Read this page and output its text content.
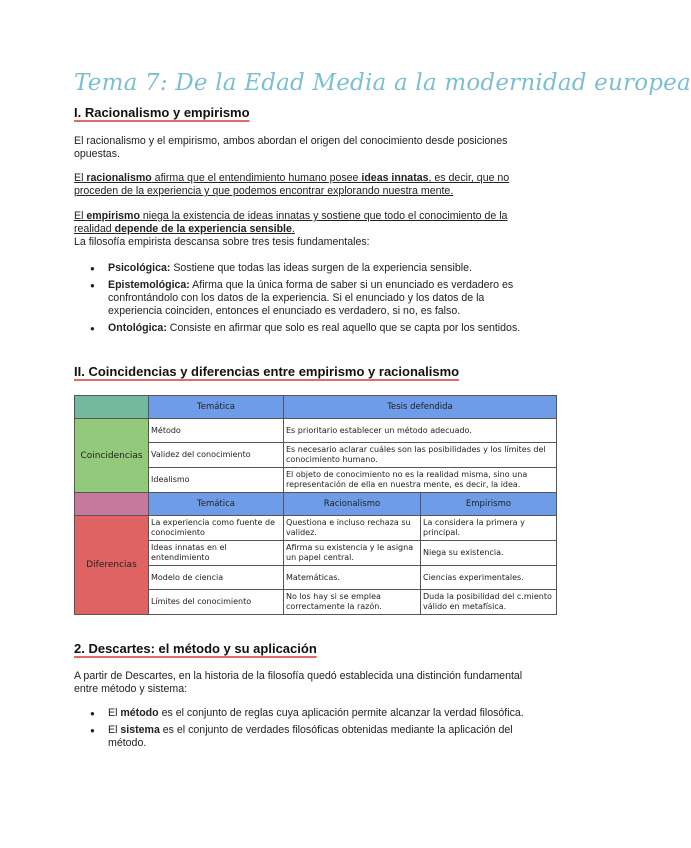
Tema 7: De la Edad Media a la modernidad europea
I. Racionalismo y empirismo
El racionalismo y el empirismo, ambos abordan el origen del conocimiento desde posiciones opuestas.
El racionalismo afirma que el entendimiento humano posee ideas innatas, es decir, que no proceden de la experiencia y que podemos encontrar explorando nuestra mente.
El empirismo niega la existencia de ideas innatas y sostiene que todo el conocimiento de la realidad depende de la experiencia sensible.
La filosofía empirista descansa sobre tres tesis fundamentales:
● Psicológica: Sostiene que todas las ideas surgen de la experiencia sensible.
● Epistemológica: Afirma que la única forma de saber si un enunciado es verdadero es confrontándolo con los datos de la experiencia. Si el enunciado y los datos de la experiencia coinciden, entonces el enunciado es verdadero, si no, es falso.
● Ontológica: Consiste en afirmar que solo es real aquello que se capta por los sentidos.
II. Coincidencias y diferencias entre empirismo y racionalismo
	Temática	Tesis defendida	
Coincidencias	Método	Es prioritario establecer un método adecuado.	
	Validez del conocimiento	Es necesario aclarar cuáles son las posibilidades y los límites del conocimiento humano.	
	Idealismo	El objeto de conocimiento no es la realidad misma, sino una representación de ella en nuestra mente, es decir, la idea.	
	Temática	Racionalismo	Empirismo
Diferencias	La experiencia como fuente de conocimiento	Questiona e incluso rechaza su validez.	La considera la primera y principal.
	Ideas innatas en el entendimiento	Afirma su existencia y le asigna un papel central.	Niega su existencia.
	Modelo de ciencia	Matemáticas.	Ciencias experimentales.
	Límites del conocimiento	No los hay si se emplea correctamente la razón.	Duda la posibilidad del c.miento válido en metafísica.
2. Descartes: el método y su aplicación
A partir de Descartes, en la historia de la filosofía quedó establecida una distinción fundamental entre método y sistema:
● El método es el conjunto de reglas cuya aplicación permite alcanzar la verdad filosófica.
● El sistema es el conjunto de verdades filosóficas obtenidas mediante la aplicación del método.
